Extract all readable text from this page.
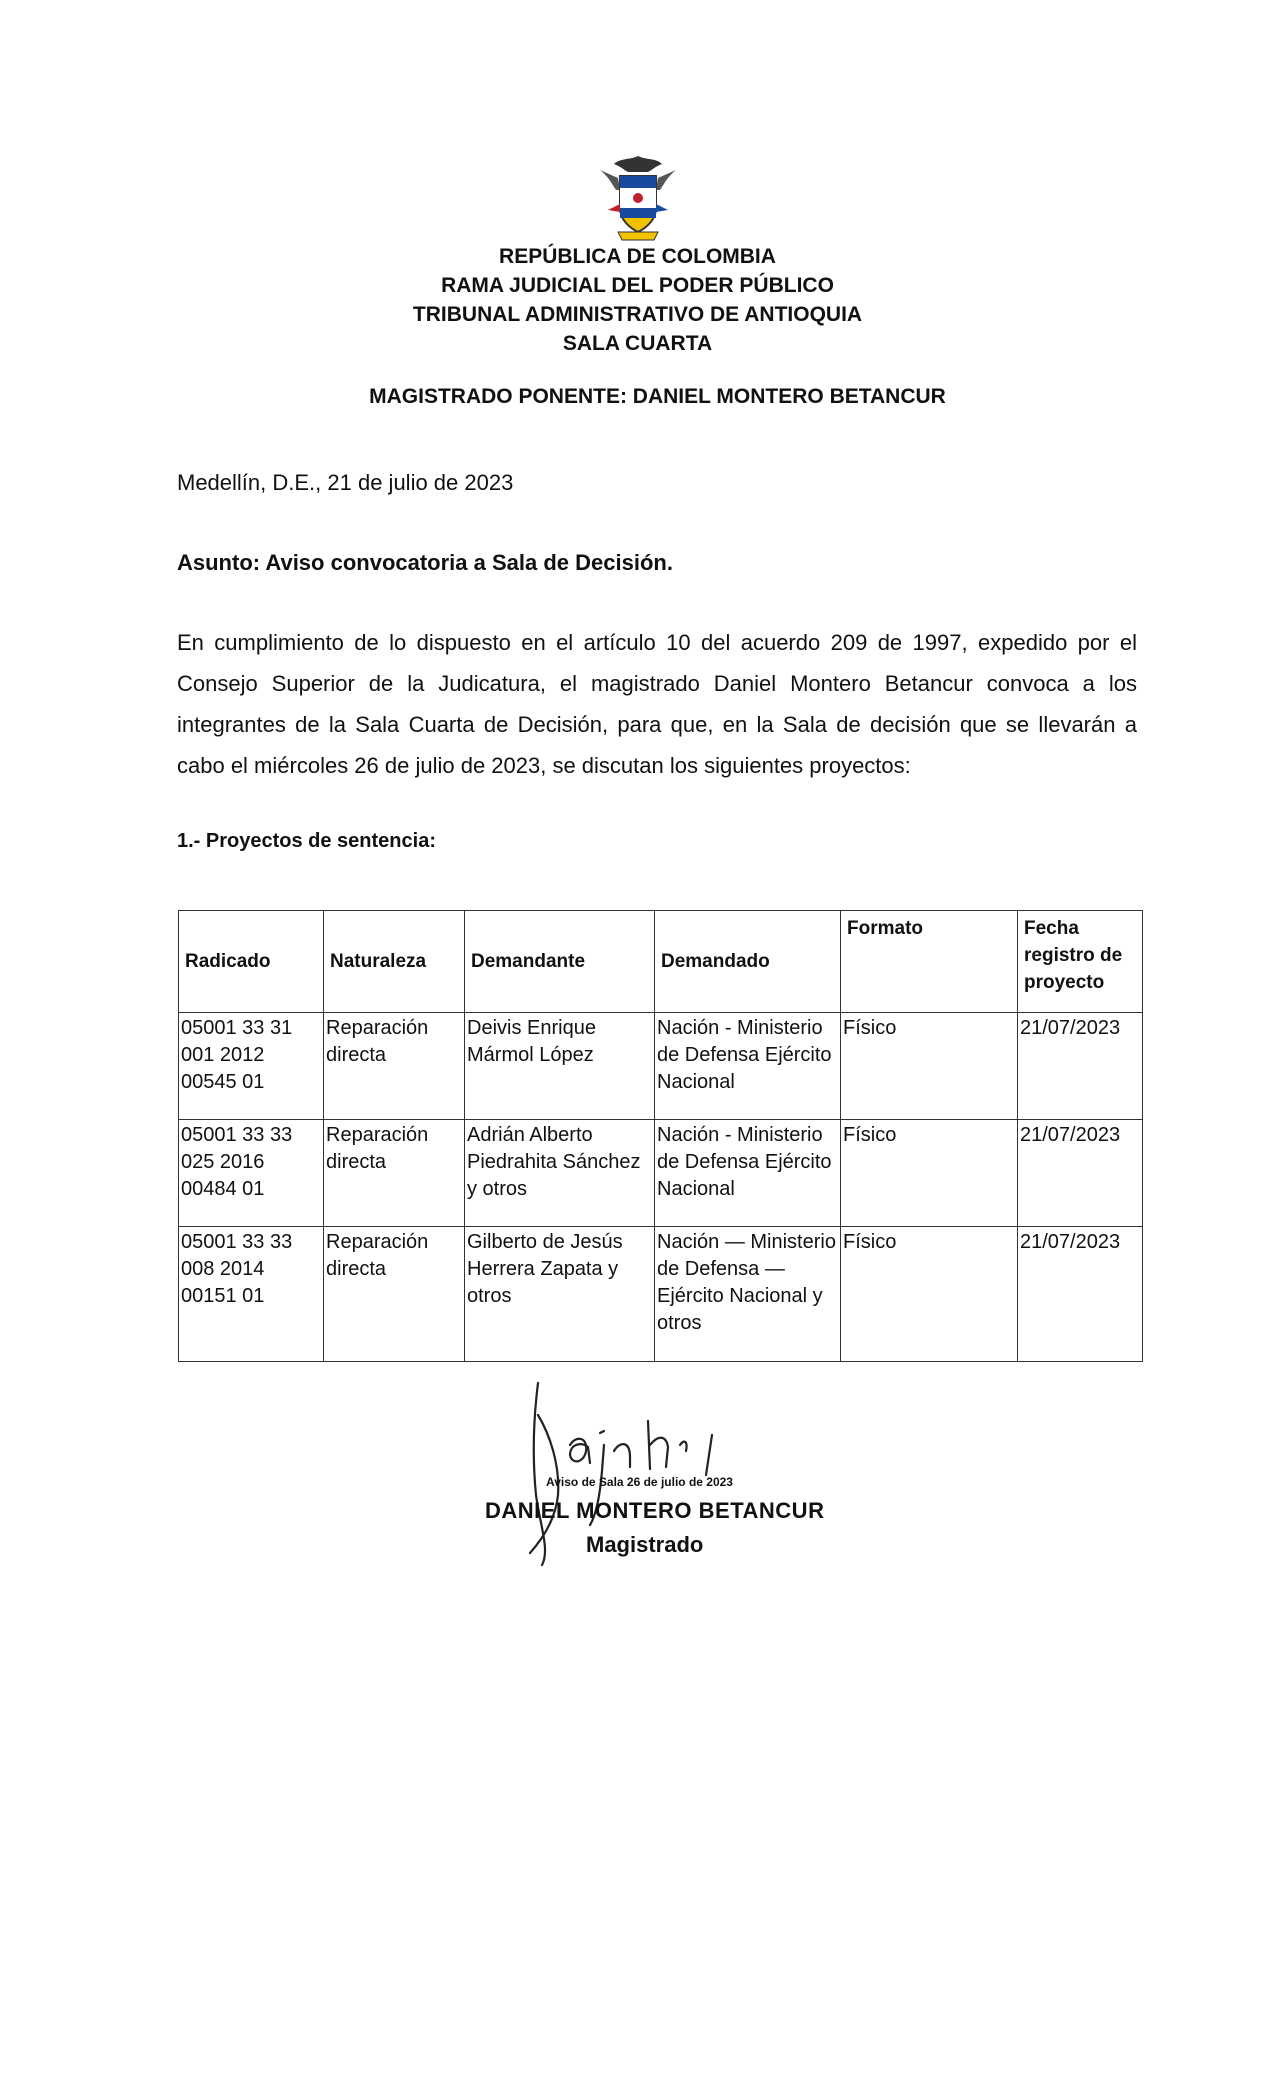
REPÚBLICA DE COLOMBIA
RAMA JUDICIAL DEL PODER PÚBLICO
TRIBUNAL ADMINISTRATIVO DE ANTIOQUIA
SALA CUARTA
MAGISTRADO PONENTE: DANIEL MONTERO BETANCUR
Medellín, D.E., 21 de julio de 2023
Asunto: Aviso convocatoria a Sala de Decisión.
En cumplimiento de lo dispuesto en el artículo 10 del acuerdo 209 de 1997, expedido por el Consejo Superior de la Judicatura, el magistrado Daniel Montero Betancur convoca a los integrantes de la Sala Cuarta de Decisión, para que, en la Sala de decisión que se llevarán a cabo el miércoles 26 de julio de 2023, se discutan los siguientes proyectos:
1.- Proyectos de sentencia:
Radicado	Naturaleza	Demandante	Demandado	Formato	Fecha registro de proyecto
05001 33 31 001 2012 00545 01	Reparación directa	Deivis Enrique Mármol López	Nación - Ministerio de Defensa Ejército Nacional	Físico	21/07/2023
05001 33 33 025 2016 00484 01	Reparación directa	Adrián Alberto Piedrahita Sánchez y otros	Nación - Ministerio de Defensa Ejército Nacional	Físico	21/07/2023
05001 33 33 008 2014 00151 01	Reparación directa	Gilberto de Jesús Herrera Zapata y otros	Nación — Ministerio de Defensa — Ejército Nacional y otros	Físico	21/07/2023
Aviso de Sala 26 de julio de 2023
DANIEL MONTERO BETANCUR
Magistrado
